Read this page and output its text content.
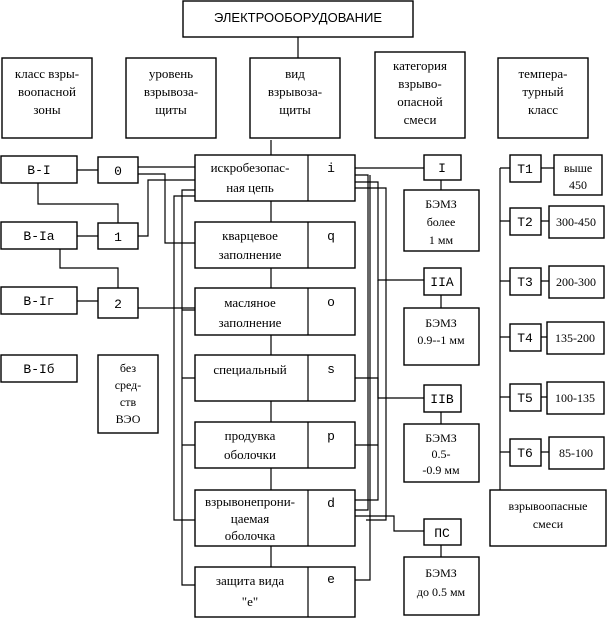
ЭЛЕКТРООБОРУДОВАНИЕ
класс взры-
воопасной
зоны
уровень
взрывоза-
щиты
вид
взрывоза-
щиты
категория
взрыво-
опасной
смеси
темпера-
турный
класс
В-I
В-Iа
В-Iг
В-Iб
0
1
2
без
сред-
ств
ВЭО
искробезопас-
ная цепь
i
кварцевое
заполнение
q
масляное
заполнение
o
специальный	s
продувка
оболочки
p
взрывонепрони-
цаемая
оболочка
d
защита вида
"е"
е
I
БЭМЗ
более
1 мм
IIА
БЭМЗ
0.9--1 мм
IIВ
БЭМЗ
0.5-
-0.9 мм
ПС
БЭМЗ
до 0.5 мм
Т1	выше
450
Т2 300-450
Т3 200-300
Т4 135-200
Т5 100-135
Т6 85-100
взрывоопасные
смеси
